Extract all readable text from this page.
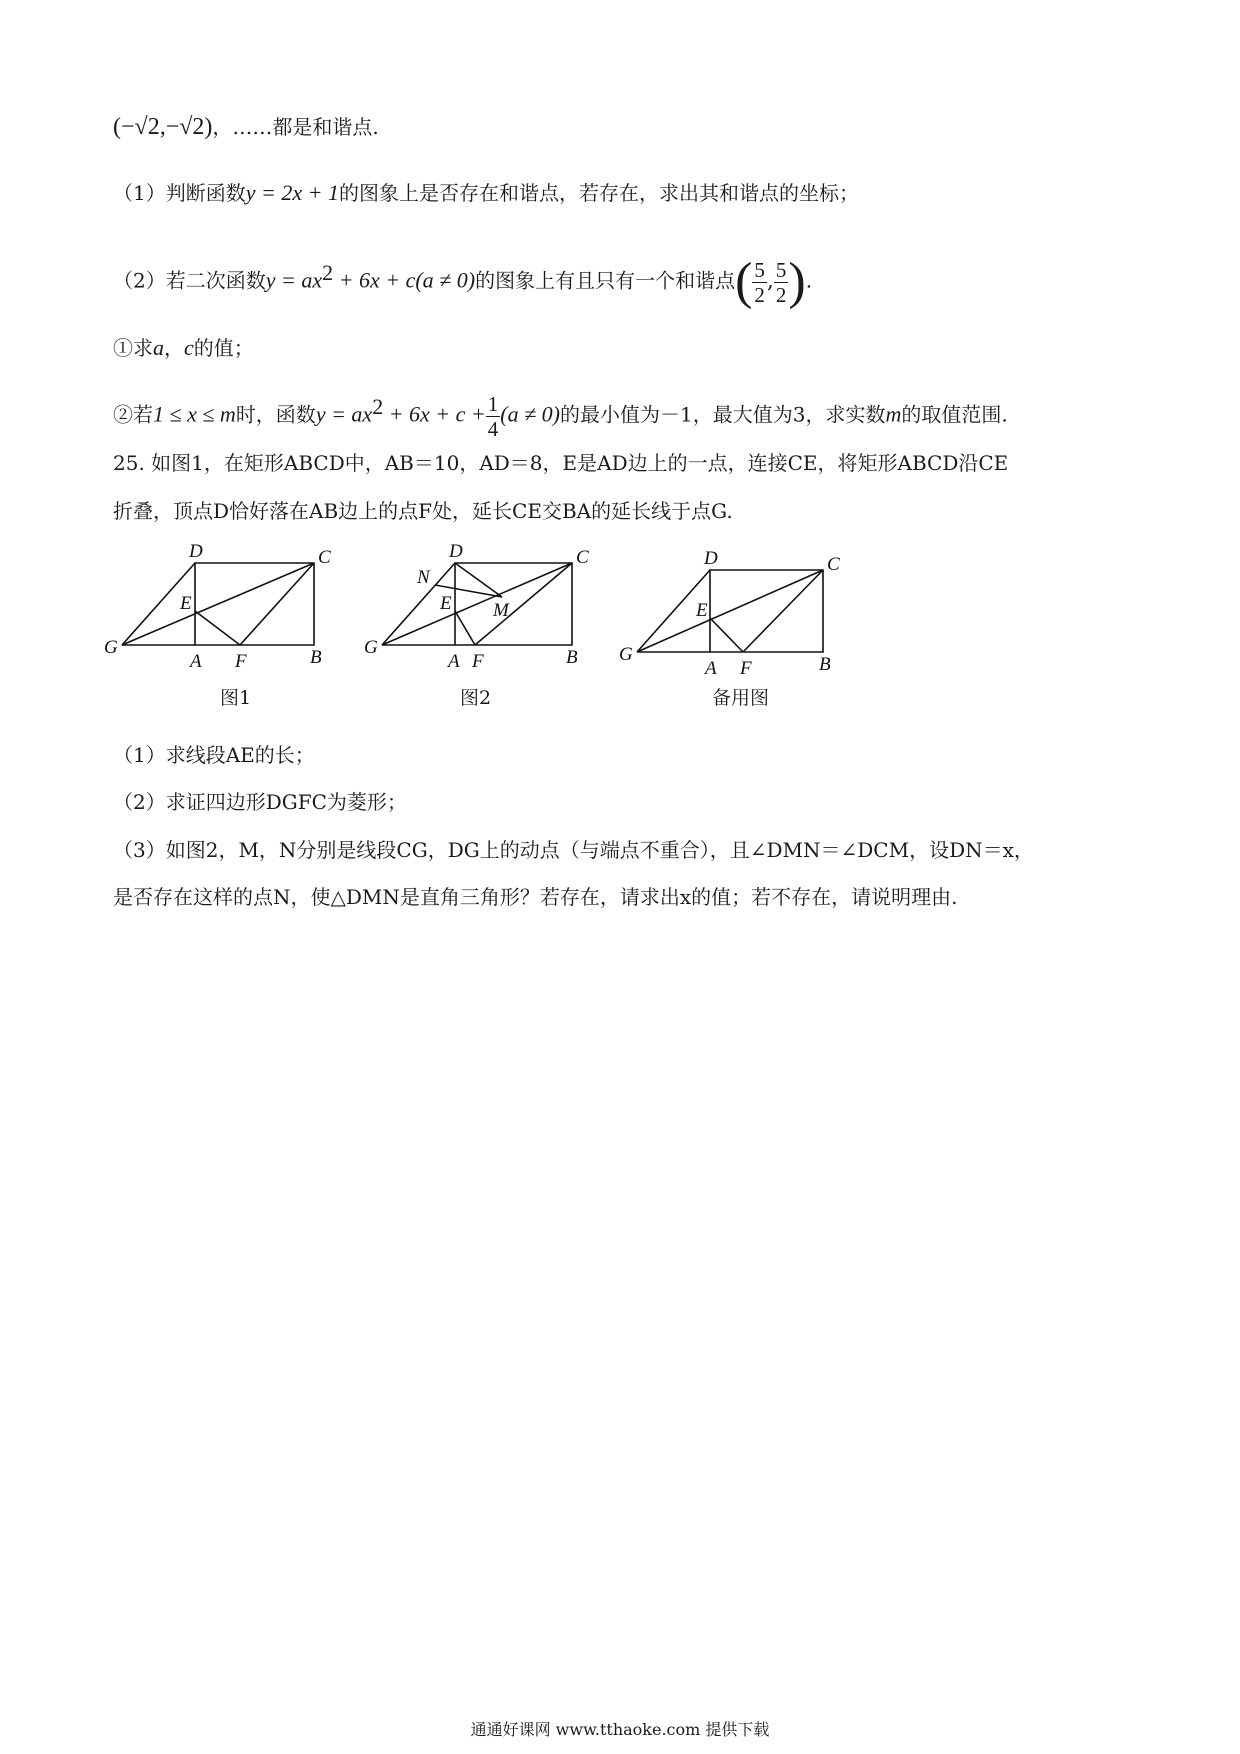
(−√2,−√2)，……都是和谐点.
（1）判断函数y = 2x + 1的图象上是否存在和谐点，若存在，求出其和谐点的坐标；
（2）若二次函数$y = ax^2 + 6x + c(a \ne 0)$的图象上有且只有一个和谐点( $\frac{5}{2}$ , $\frac{5}{2}$ ).
①求a，c的值；
②若1 ≤ x ≤ m时，函数$y = ax^2 + 6x + c + \frac{1}{4} (a \ne 0)$的最小值为－1，最大值为3，求实数m的取值范围.
25. 如图1，在矩形ABCD中，AB＝10，AD＝8，E是AD边上的一点，连接CE，将矩形ABCD沿CE
折叠，顶点D恰好落在AB边上的点F处，延长CE交BA的延长线于点G.
D	C
E
G
A F	B
图1
D	C
N
E M
G
A F	B
图2
D	C
E
G
A F	B
备用图
（1）求线段AE的长；
（2）求证四边形DGFC为菱形；
（3）如图2，M，N分别是线段CG，DG上的动点（与端点不重合），且∠DMN＝∠DCM，设DN＝x，
是否存在这样的点N，使△DMN是直角三角形？若存在，请求出x的值；若不存在，请说明理由.
通通好课网 www.tthaoke.com 提供下载
